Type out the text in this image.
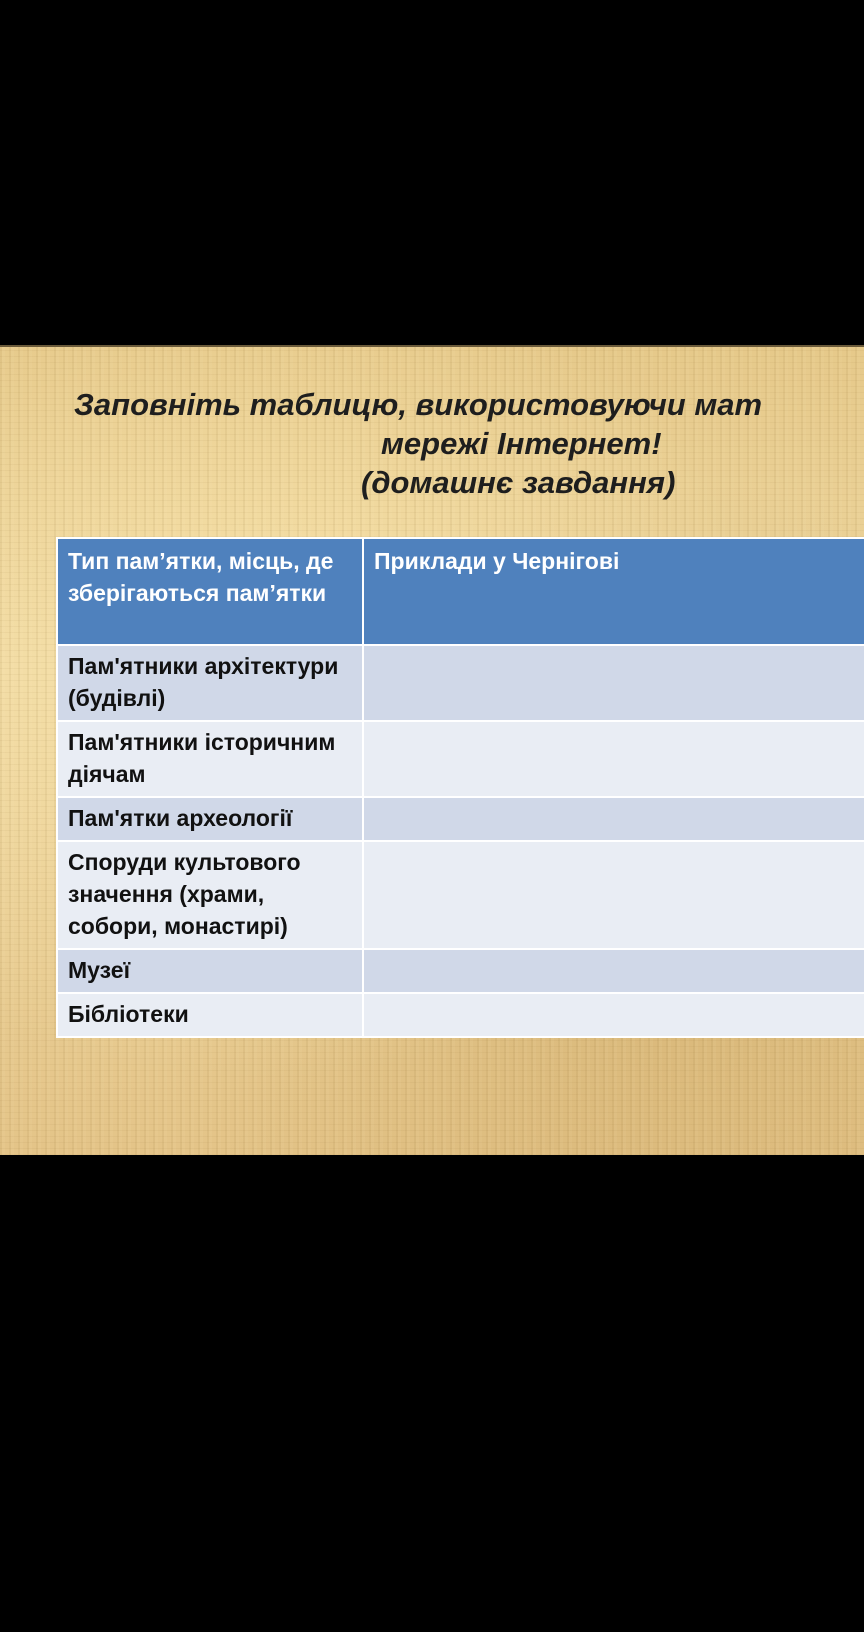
Заповніть таблицю, використовуючи мат
мережі Інтернет!
(домашнє завдання)
Тип пам’ятки, місць, де зберігаються пам’ятки	Приклади у Чернігові
Пам'ятники архітектури (будівлі)	
Пам'ятники історичним діячам	
Пам'ятки археології	
Споруди культового значення (храми, собори, монастирі)	
Музеї	
Бібліотеки	
